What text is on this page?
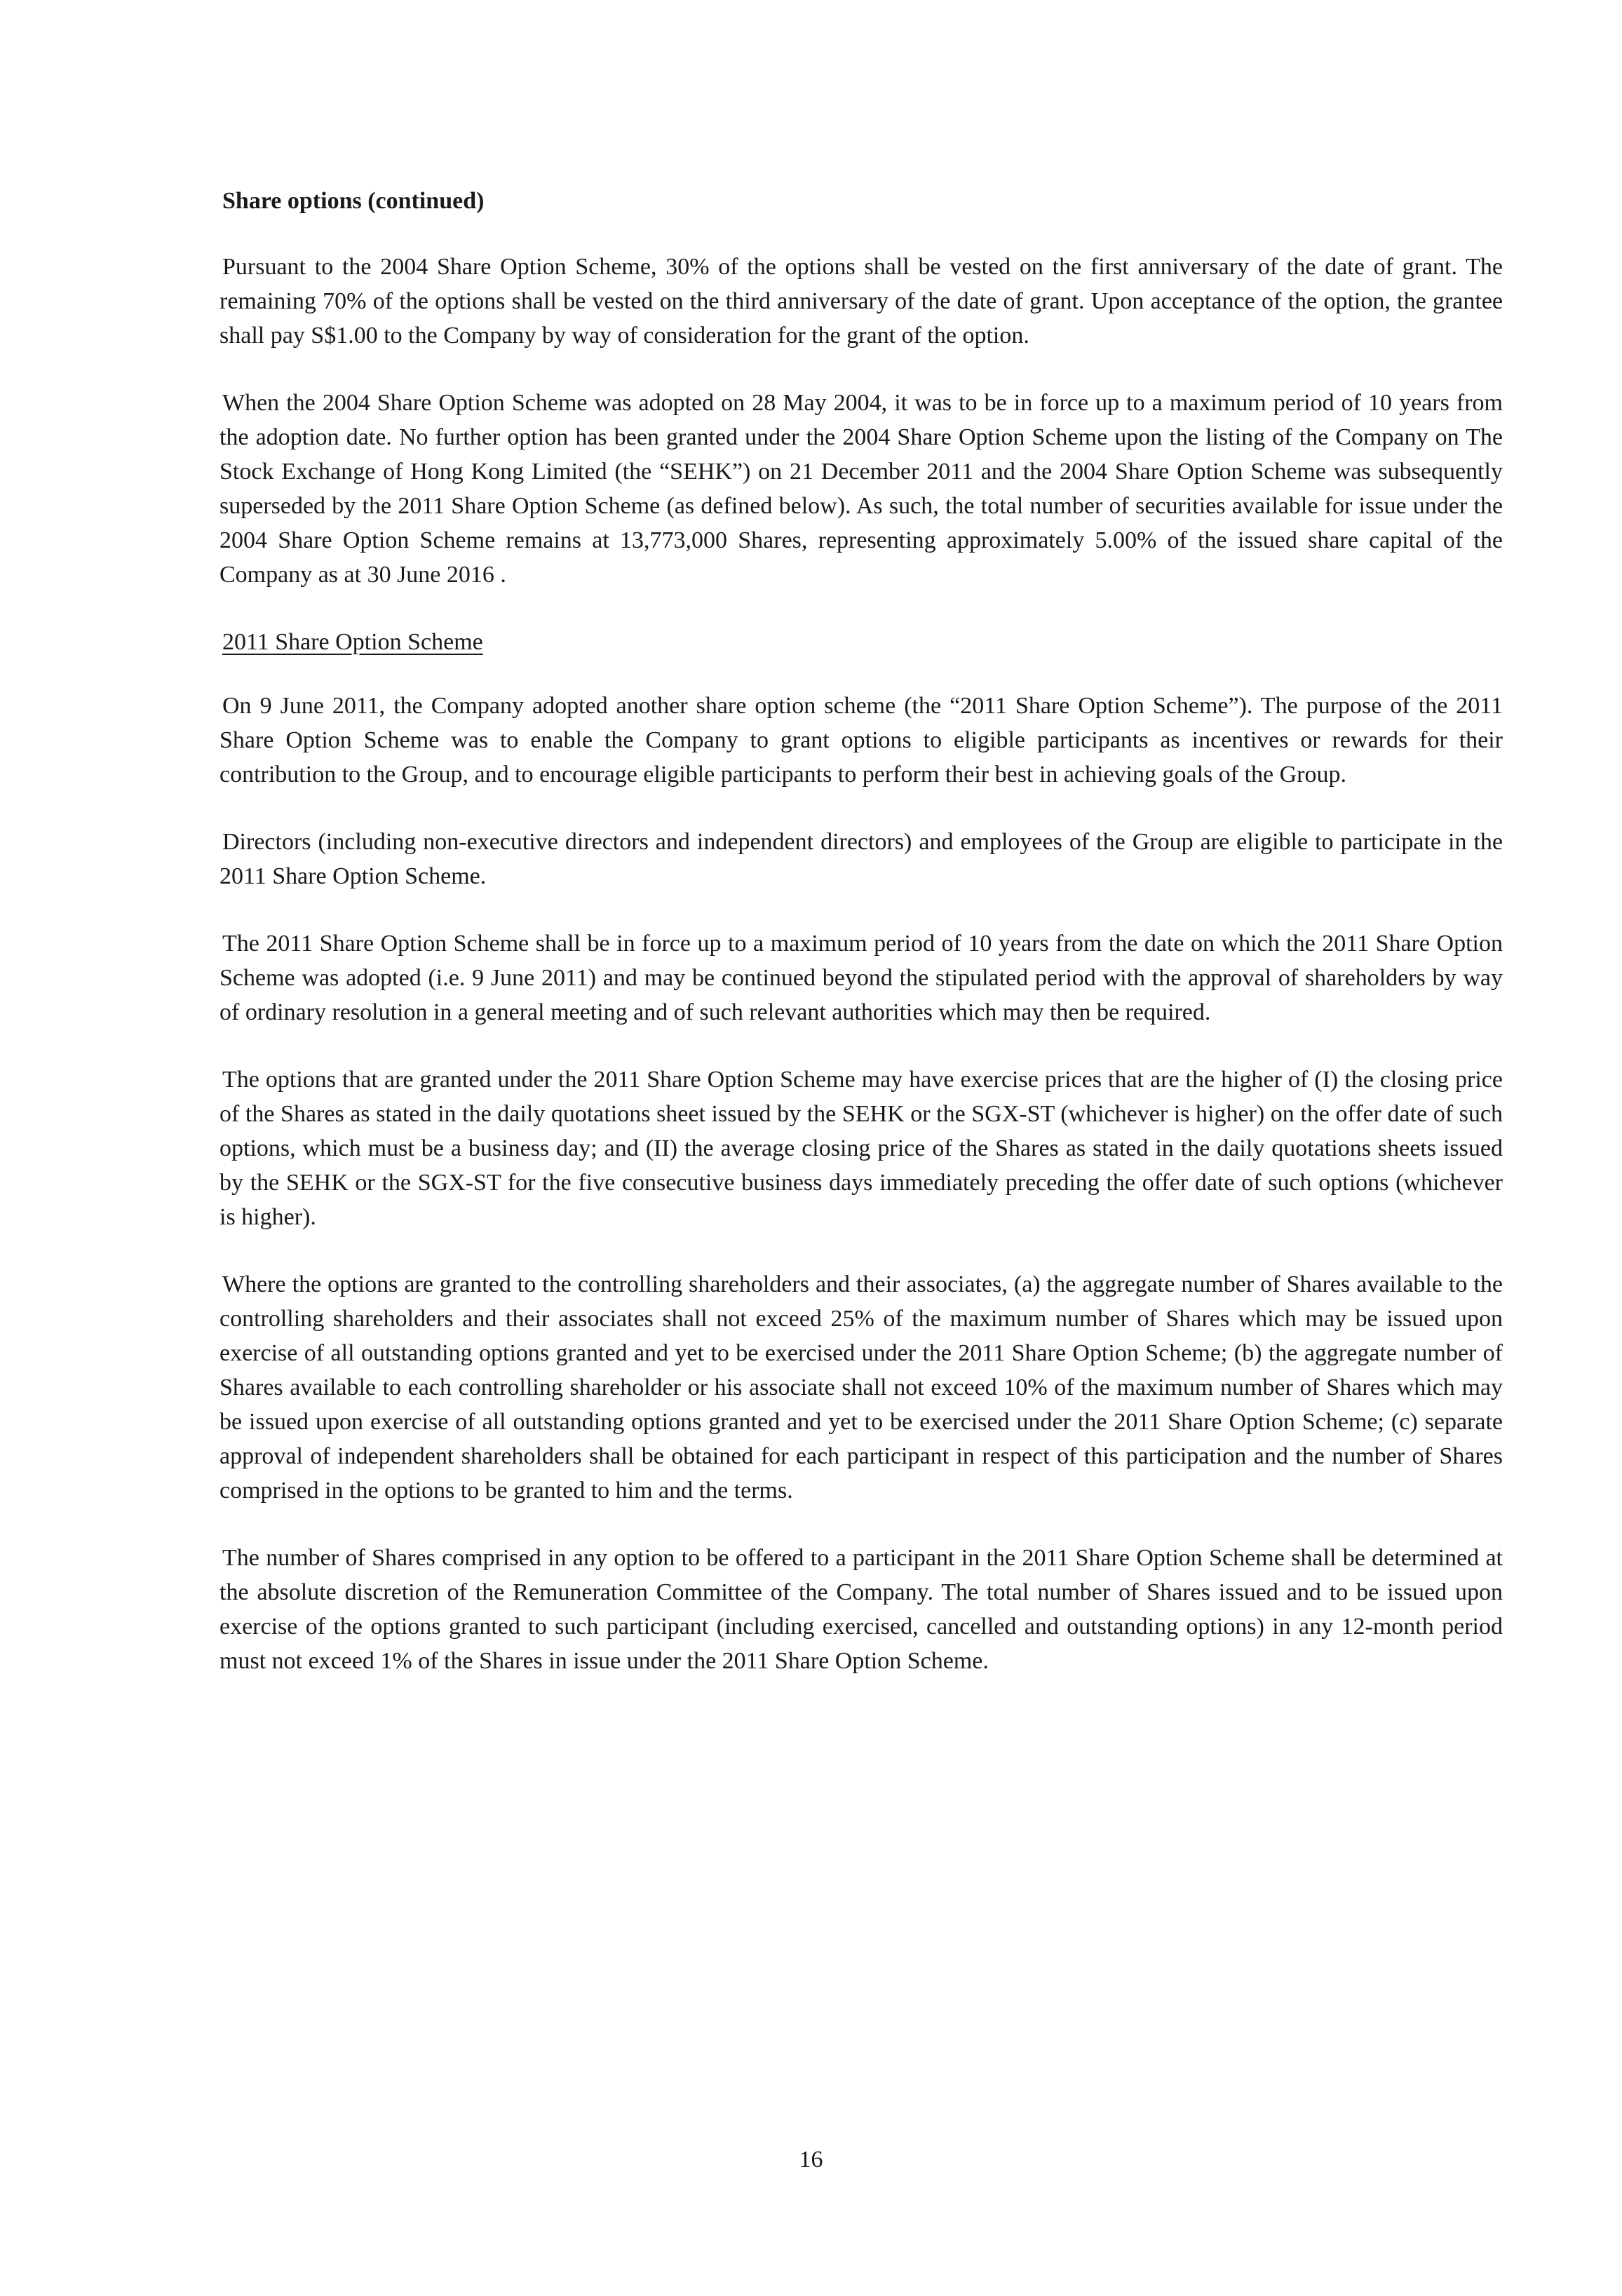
Share options (continued)

Pursuant to the 2004 Share Option Scheme, 30% of the options shall be vested on the first anniversary of the date of grant. The remaining 70% of the options shall be vested on the third anniversary of the date of grant. Upon acceptance of the option, the grantee shall pay S$1.00 to the Company by way of consideration for the grant of the option.

When the 2004 Share Option Scheme was adopted on 28 May 2004, it was to be in force up to a maximum period of 10 years from the adoption date. No further option has been granted under the 2004 Share Option Scheme upon the listing of the Company on The Stock Exchange of Hong Kong Limited (the “SEHK”) on 21 December 2011 and the 2004 Share Option Scheme was subsequently superseded by the 2011 Share Option Scheme (as defined below). As such, the total number of securities available for issue under the 2004 Share Option Scheme remains at 13,773,000 Shares, representing approximately 5.00% of the issued share capital of the Company as at 30 June 2016 .

2011 Share Option Scheme

On 9 June 2011, the Company adopted another share option scheme (the “2011 Share Option Scheme”). The purpose of the 2011 Share Option Scheme was to enable the Company to grant options to eligible participants as incentives or rewards for their contribution to the Group, and to encourage eligible participants to perform their best in achieving goals of the Group.

Directors (including non-executive directors and independent directors) and employees of the Group are eligible to participate in the 2011 Share Option Scheme.

The 2011 Share Option Scheme shall be in force up to a maximum period of 10 years from the date on which the 2011 Share Option Scheme was adopted (i.e. 9 June 2011) and may be continued beyond the stipulated period with the approval of shareholders by way of ordinary resolution in a general meeting and of such relevant authorities which may then be required.

The options that are granted under the 2011 Share Option Scheme may have exercise prices that are the higher of (I) the closing price of the Shares as stated in the daily quotations sheet issued by the SEHK or the SGX-ST (whichever is higher) on the offer date of such options, which must be a business day; and (II) the average closing price of the Shares as stated in the daily quotations sheets issued by the SEHK or the SGX-ST for the five consecutive business days immediately preceding the offer date of such options (whichever is higher).

Where the options are granted to the controlling shareholders and their associates, (a) the aggregate number of Shares available to the controlling shareholders and their associates shall not exceed 25% of the maximum number of Shares which may be issued upon exercise of all outstanding options granted and yet to be exercised under the 2011 Share Option Scheme; (b) the aggregate number of Shares available to each controlling shareholder or his associate shall not exceed 10% of the maximum number of Shares which may be issued upon exercise of all outstanding options granted and yet to be exercised under the 2011 Share Option Scheme; (c) separate approval of independent shareholders shall be obtained for each participant in respect of this participation and the number of Shares comprised in the options to be granted to him and the terms.

The number of Shares comprised in any option to be offered to a participant in the 2011 Share Option Scheme shall be determined at the absolute discretion of the Remuneration Committee of the Company. The total number of Shares issued and to be issued upon exercise of the options granted to such participant (including exercised, cancelled and outstanding options) in any 12-month period must not exceed 1% of the Shares in issue under the 2011 Share Option Scheme.

16
